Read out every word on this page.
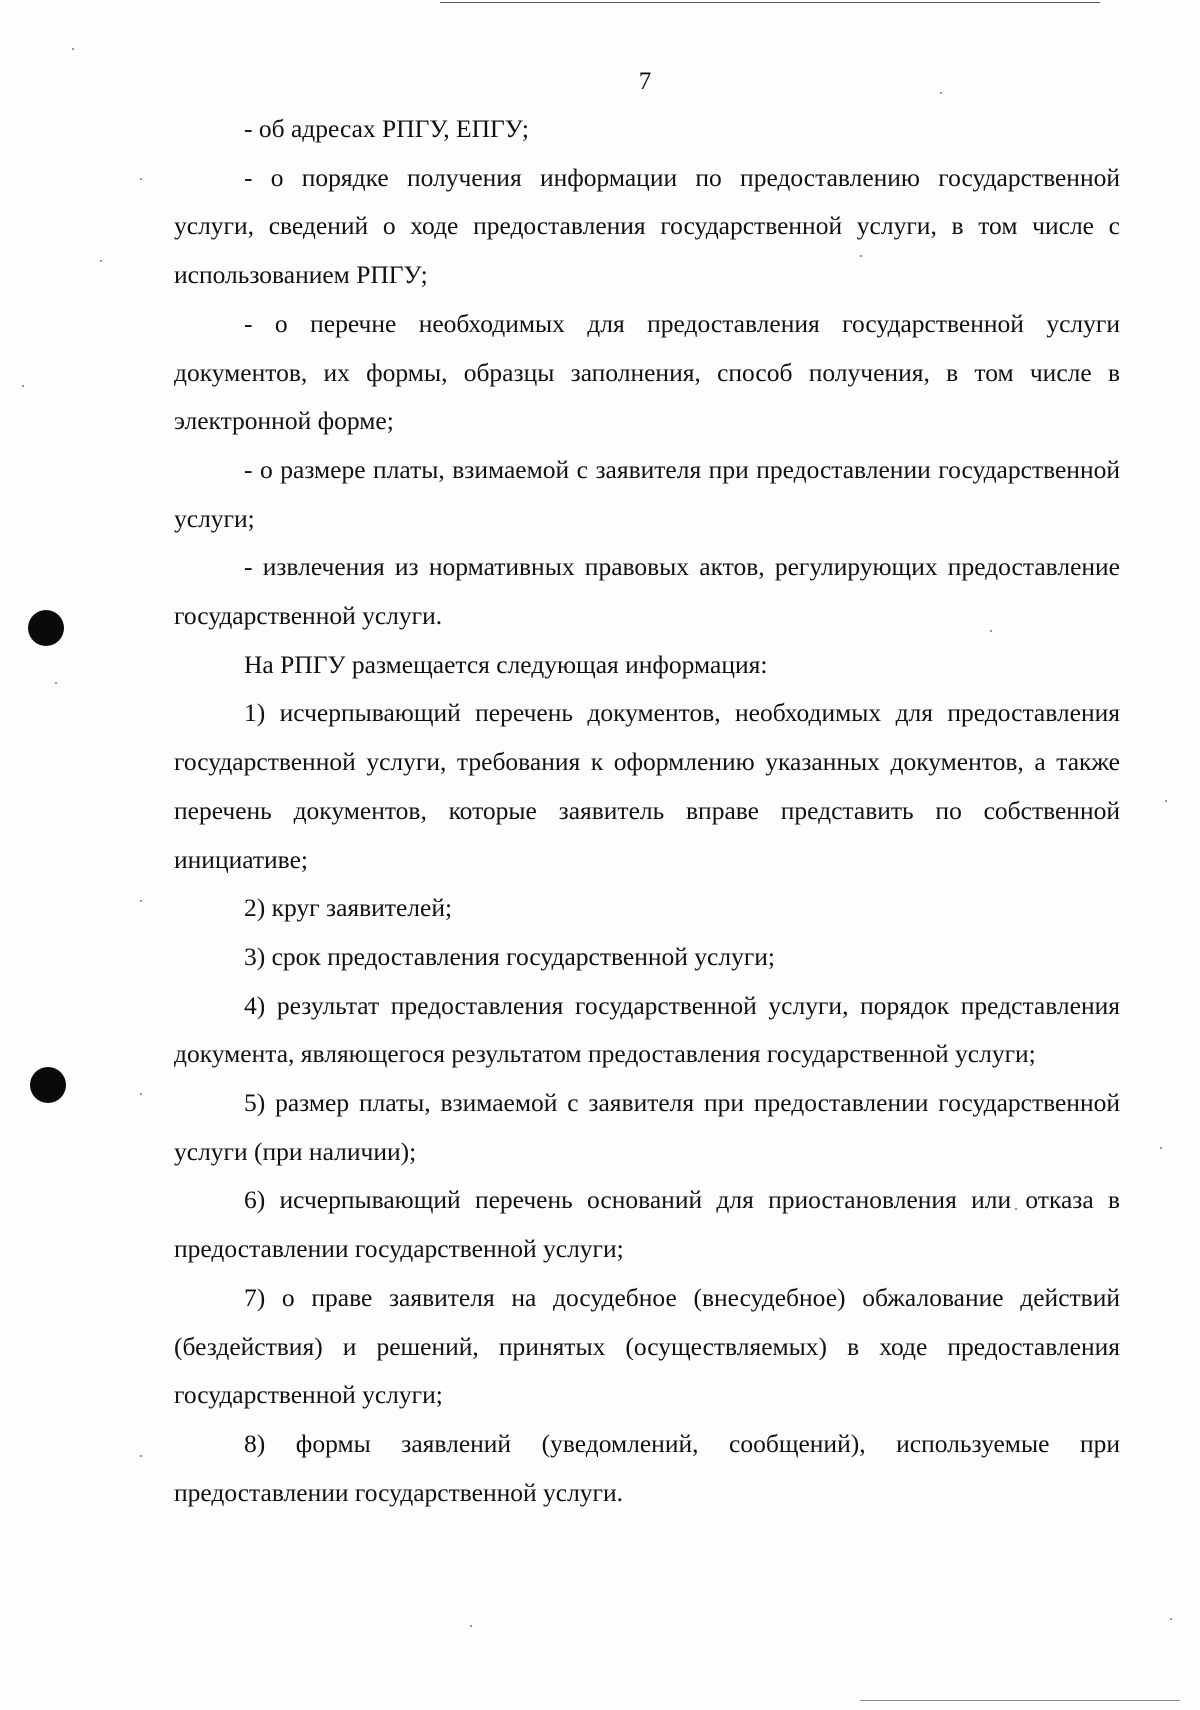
7

- об адресах РПГУ, ЕПГУ;

- о порядке получения информации по предоставлению государственной услуги, сведений о ходе предоставления государственной услуги, в том числе с использованием РПГУ;

- о перечне необходимых для предоставления государственной услуги документов, их формы, образцы заполнения, способ получения, в том числе в электронной форме;

- о размере платы, взимаемой с заявителя при предоставлении государственной услуги;

- извлечения из нормативных правовых актов, регулирующих предоставление государственной услуги.

На РПГУ размещается следующая информация:

1) исчерпывающий перечень документов, необходимых для предоставления государственной услуги, требования к оформлению указанных документов, а также перечень документов, которые заявитель вправе представить по собственной инициативе;

2) круг заявителей;

3) срок предоставления государственной услуги;

4) результат предоставления государственной услуги, порядок представления документа, являющегося результатом предоставления государственной услуги;

5) размер платы, взимаемой с заявителя при предоставлении государственной услуги (при наличии);

6) исчерпывающий перечень оснований для приостановления или отказа в предоставлении государственной услуги;

7) о праве заявителя на досудебное (внесудебное) обжалование действий (бездействия) и решений, принятых (осуществляемых) в ходе предоставления государственной услуги;

8) формы заявлений (уведомлений, сообщений), используемые при предоставлении государственной услуги.
